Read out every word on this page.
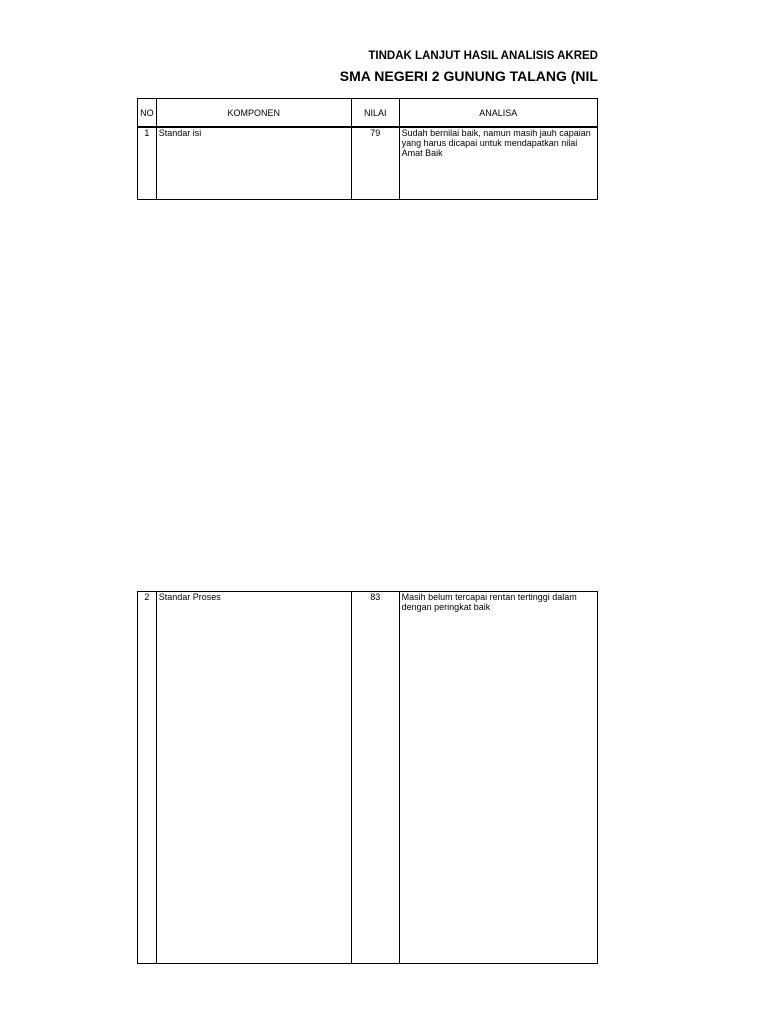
TINDAK LANJUT HASIL ANALISIS AKRED
SMA NEGERI 2 GUNUNG TALANG (NIL
NO	KOMPONEN	NILAI	ANALISA
1	Standar isi	79	Sudah bernilai baik, namun masih jauh capaian yang harus dicapai untuk mendapatkan nilai Amat Baik
2	Standar Proses	83	Masih belum tercapai rentan tertinggi dalam dengan peringkat baik
